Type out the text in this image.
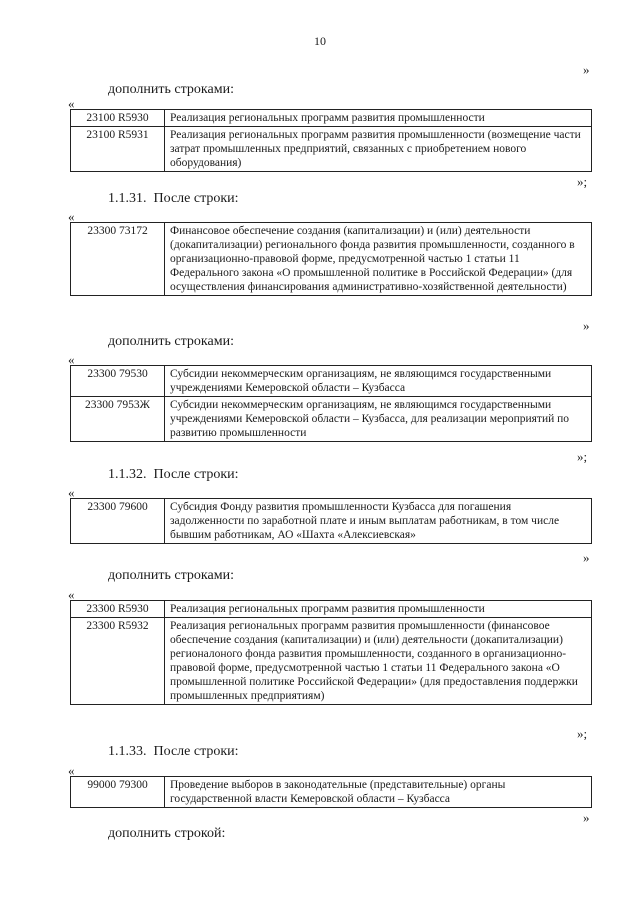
10
»
дополнить строками:
«
23100 R5930	Реализация региональных программ развития промышленности
23100 R5931	Реализация региональных программ развития промышленности (возмещение части затрат промышленных предприятий, связанных с приобретением нового оборудования)
»;
1.1.31. После строки:
«
23300 73172	Финансовое обеспечение создания (капитализации) и (или) деятельности (докапитализации) регионального фонда развития промышленности, созданного в организационно-правовой форме, предусмотренной частью 1 статьи 11 Федерального закона «О промышленной политике в Российской Федерации» (для осуществления финансирования административно-хозяйственной деятельности)
»
дополнить строками:
«
23300 79530	Субсидии некоммерческим организациям, не являющимся государственными учреждениями Кемеровской области – Кузбасса
23300 7953Ж	Субсидии некоммерческим организациям, не являющимся государственными учреждениями Кемеровской области – Кузбасса, для реализации мероприятий по развитию промышленности
»;
1.1.32. После строки:
«
23300 79600	Субсидия Фонду развития промышленности Кузбасса для погашения задолженности по заработной плате и иным выплатам работникам, в том числе бывшим работникам, АО «Шахта «Алексиевская»
»
дополнить строками:
«
23300 R5930	Реализация региональных программ развития промышленности
23300 R5932	Реализация региональных программ развития промышленности (финансовое обеспечение создания (капитализации) и (или) деятельности (докапитализации) регионалоного фонда развития промышленности, созданного в организационно-правовой форме, предусмотренной частью 1 статьи 11 Федерального закона «О промышленной политике Российской Федерации» (для предоставления поддержки промышленных предприятиям)
»;
1.1.33. После строки:
«
99000 79300	Проведение выборов в законодательные (представительные) органы государственной власти Кемеровской области – Кузбасса
»
дополнить строкой:
